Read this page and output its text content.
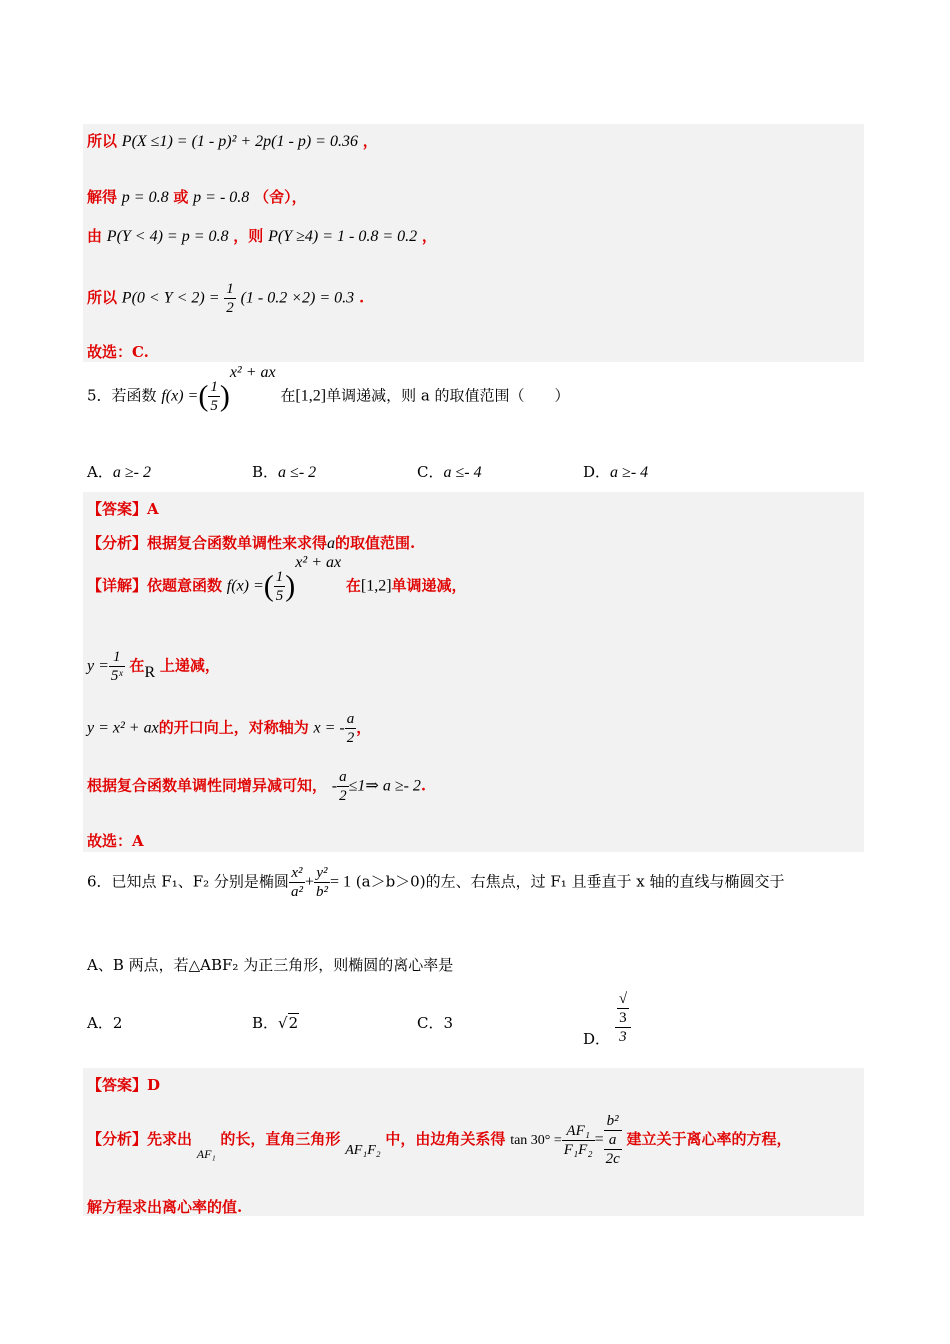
所以 P(X ≤1) = (1 - p)² + 2p(1 - p) = 0.36 ，
解得 p = 0.8 或 p = - 0.8 （舍），
由 P(Y < 4) = p = 0.8 ，则 P(Y ≥4) = 1 - 0.8 = 0.2 ，
所以 $P(0 < Y < 2) = \frac{1}{2} (1 - 0.2 \times 2) = 0.3$ .
故选：C.
5．若函数 f(x) =( $\frac{1}{5} )^{x^2 + ax}$ 在[1,2]单调递减，则 a 的取值范围（　　）
A．a ≥- 2	B．a ≤- 2	C．a ≤- 4	D．a ≥- 4
【答案】A
【分析】根据复合函数单调性来求得a的取值范围.
【详解】依题意函数 f(x) =( $\frac{1}{5} )^{x^2 + ax}$ 在[1,2]单调递减，
$y = \frac{1}{\text{5ˣ}}$ 在R 上递减，
y = x² + ax的开口向上，对称轴为 x = - $\frac{a}{2}$ ，
根据复合函数单调性同增异减可知， - $\frac{a}{2}$ ≤1⇒ a ≥- 2.
故选：A
6．已知点 F₁、F₂ 分别是椭圆 $\frac{\text{x²}}{\text{a²}} + \frac{\text{y²}}{\text{b²}} = 1$ (a＞b＞0)的左、右焦点，过 F₁ 且垂直于 x 轴的直线与椭圆交于
A、B 两点，若△ABF₂ 为正三角形，则椭圆的离心率是
A．2	B．√2	C．3
D． √
3
3
【答案】D
【分析】先求出 $_{AF_1}$ 的长，直角三角形 AF₁F₂ 中，由边角关系得 $\tan 30^\circ = \frac{\text{AF₁}}{\text{F₁F₂}}$ =
b²
a
2c
建立关于离心率的方程，
解方程求出离心率的值.
